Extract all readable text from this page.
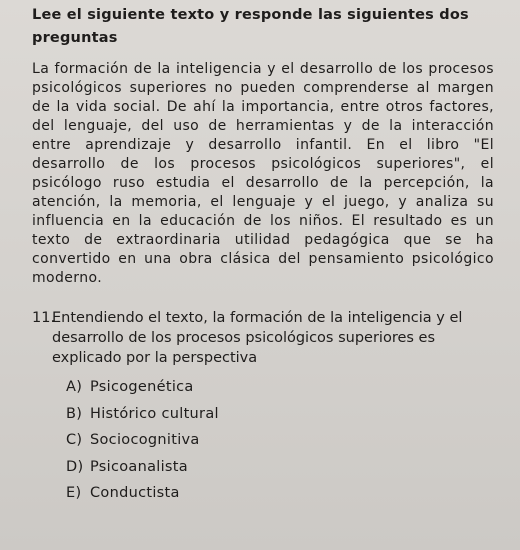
Lee el siguiente texto y responde las siguientes dos preguntas

La formación de la inteligencia y el desarrollo de los procesos psicológicos superiores no pueden comprenderse al margen de la vida social. De ahí la importancia, entre otros factores, del lenguaje, del uso de herramientas y de la interacción entre aprendizaje y desarrollo infantil. En el libro "El desarrollo de los procesos psicológicos superiores", el psicólogo ruso estudia el desarrollo de la percepción, la atención, la memoria, el lenguaje y el juego, y analiza su influencia en la educación de los niños. El resultado es un texto de extraordinaria utilidad pedagógica que se ha convertido en una obra clásica del pensamiento psicológico moderno.

11.
Entendiendo el texto, la formación de la inteligencia y el desarrollo de los procesos psicológicos superiores es explicado por la perspectiva
A) Psicogenética
B) Histórico cultural
C) Sociocognitiva
D) Psicoanalista
E) Conductista
